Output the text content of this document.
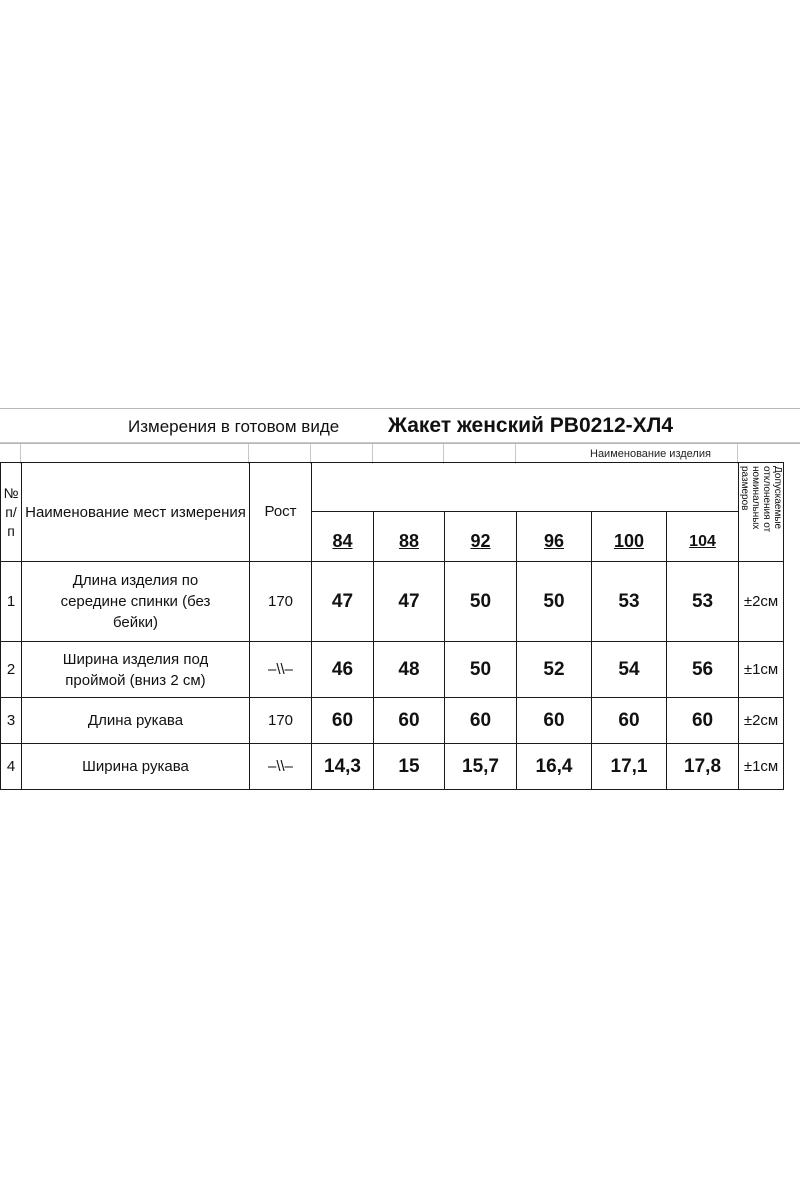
Измерения в готовом виде Жакет женский РВ0212-ХЛ4
Наименование изделия
№ п/ п	Наименование мест измерения	Рост							Допускаемые отклонения от номинальных размеров

			84	88	92	96	100	104	
1	Длина изделия по середине спинки (без бейки)	170	47	47	50	50	53	53	±2см
2	Ширина изделия под проймой (вниз 2 см)	–\\–	46	48	50	52	54	56	±1см
3	Длина рукава	170	60	60	60	60	60	60	±2см
4	Ширина рукава	–\\–	14,3	15	15,7	16,4	17,1	17,8	±1см
